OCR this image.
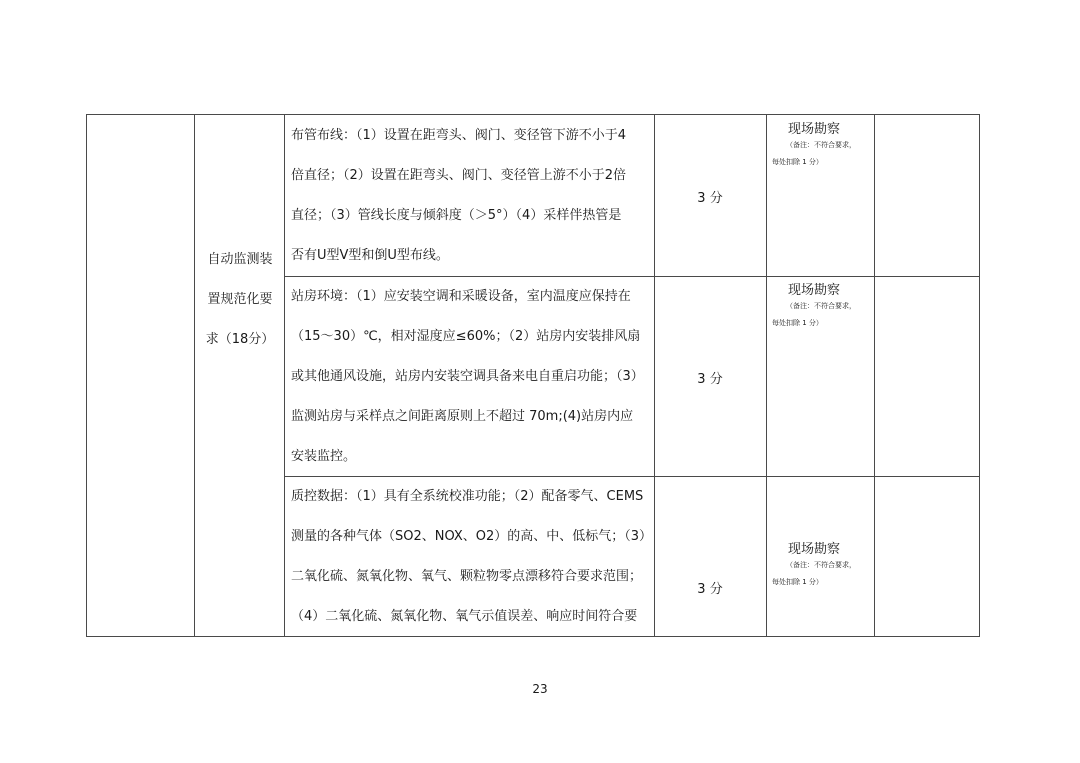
自动监测装
置规范化要
求（18分）
布管布线：（1）设置在距弯头、阀门、变径管下游不小于4
倍直径；（2）设置在距弯头、阀门、变径管上游不小于2倍
直径；（3）管线长度与倾斜度（＞5°）（4）采样伴热管是
否有U型V型和倒U型布线。
3 分
现场勘察
（备注：不符合要求，
每处扣除 1 分）
站房环境：（1）应安装空调和采暖设备，室内温度应保持在
（15～30）℃，相对湿度应≤60%；（2）站房内安装排风扇
或其他通风设施，站房内安装空调具备来电自重启功能；（3）
监测站房与采样点之间距离原则上不超过 70m;(4)站房内应
安装监控。
3 分
现场勘察
（备注：不符合要求，
每处扣除 1 分）
质控数据：（1）具有全系统校准功能；（2）配备零气、CEMS
测量的各种气体（SO2、NOX、O2）的高、中、低标气；（3）
二氧化硫、氮氧化物、氧气、颗粒物零点漂移符合要求范围；
（4）二氧化硫、氮氧化物、氧气示值误差、响应时间符合要
3 分
现场勘察
（备注：不符合要求，
每处扣除 1 分）
23
